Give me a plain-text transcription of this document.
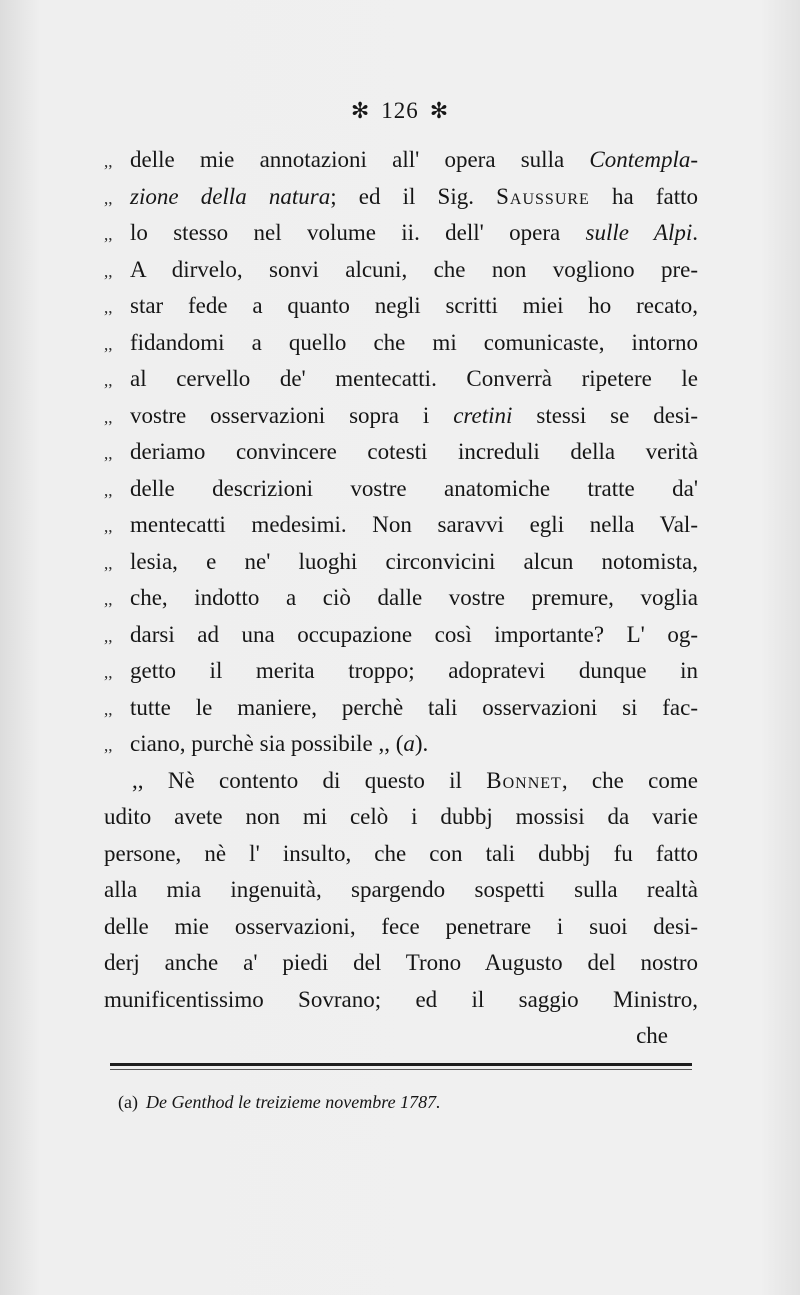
✻ 126 ✻
,, delle mie annotazioni all' opera sulla Contempla-
,, zione della natura; ed il Sig. Saussure ha fatto
,, lo stesso nel volume ii. dell' opera sulle Alpi.
,, A dirvelo, sonvi alcuni, che non vogliono pre-
,, star fede a quanto negli scritti miei ho recato,
,, fidandomi a quello che mi comunicaste, intorno
,, al cervello de' mentecatti. Converrà ripetere le
,, vostre osservazioni sopra i cretini stessi se desi-
,, deriamo convincere cotesti increduli della verità
,, delle descrizioni vostre anatomiche tratte da'
,, mentecatti medesimi. Non saravvi egli nella Val-
,, lesia, e ne' luoghi circonvicini alcun notomista,
,, che, indotto a ciò dalle vostre premure, voglia
,, darsi ad una occupazione così importante? L' og-
,, getto il merita troppo; adopratevi dunque in
,, tutte le maniere, perchè tali osservazioni si fac-
,, ciano, purchè sia possibile ,, (a).
,, Nè contento di questo il Bonnet, che come
udito avete non mi celò i dubbj mossisi da varie
persone, nè l' insulto, che con tali dubbj fu fatto
alla mia ingenuità, spargendo sospetti sulla realtà
delle mie osservazioni, fece penetrare i suoi desi-
derj anche a' piedi del Trono Augusto del nostro
munificentissimo Sovrano; ed il saggio Ministro,
che
(a) De Genthod le treizieme novembre 1787.
